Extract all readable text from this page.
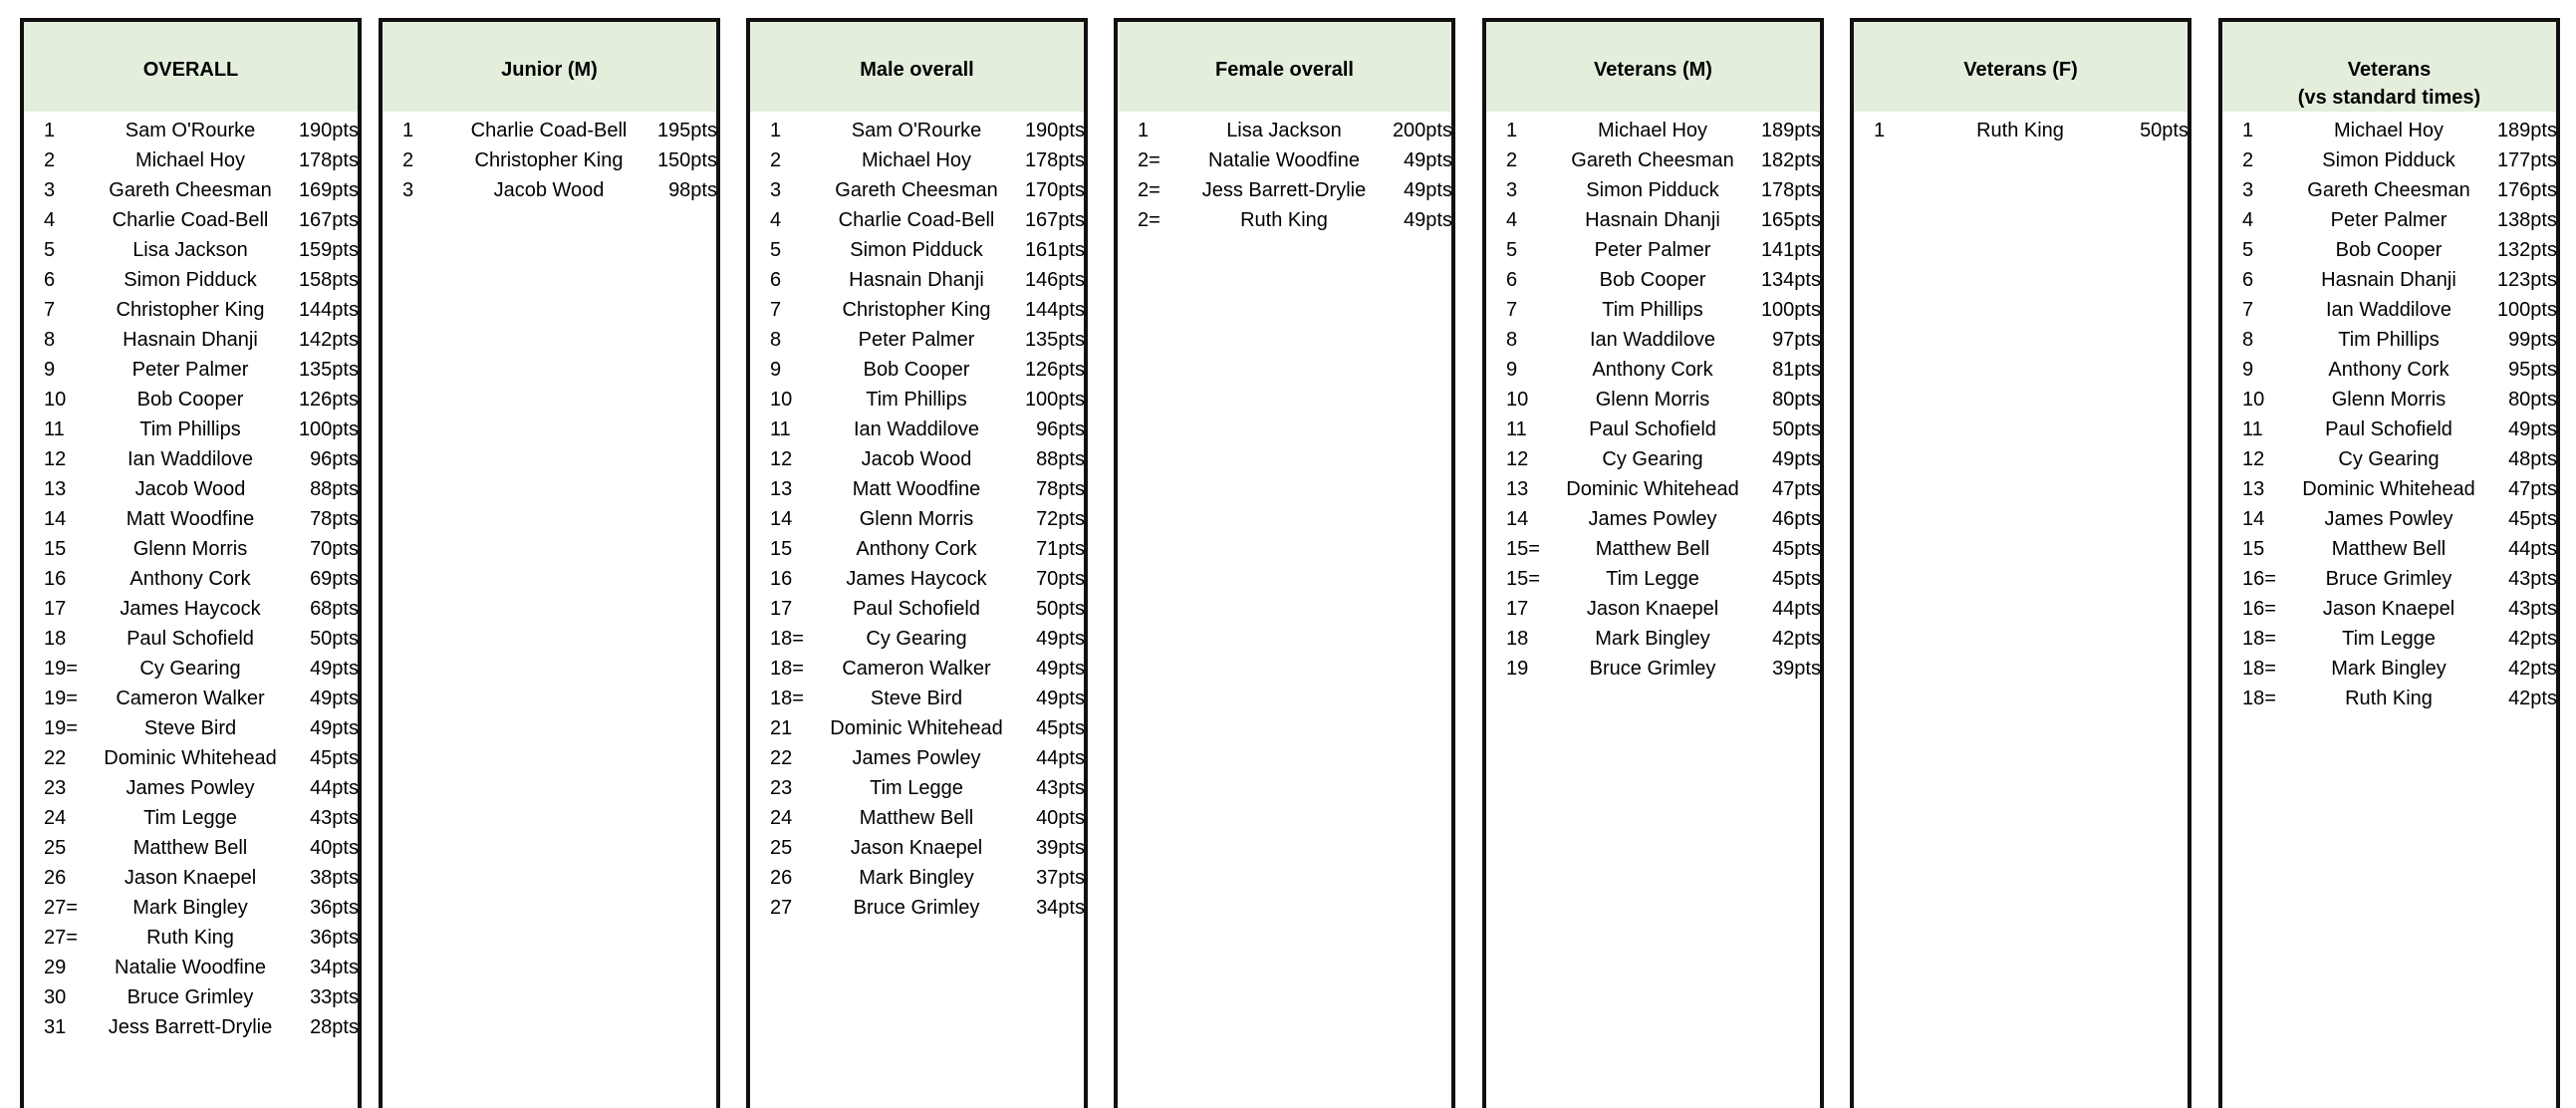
OVERALL
1	Sam O'Rourke	190pts
2	Michael Hoy	178pts
3	Gareth Cheesman	169pts
4	Charlie Coad-Bell	167pts
5	Lisa Jackson	159pts
6	Simon Pidduck	158pts
7	Christopher King	144pts
8	Hasnain Dhanji	142pts
9	Peter Palmer	135pts
10	Bob Cooper	126pts
11	Tim Phillips	100pts
12	Ian Waddilove	96pts
13	Jacob Wood	88pts
14	Matt Woodfine	78pts
15	Glenn Morris	70pts
16	Anthony Cork	69pts
17	James Haycock	68pts
18	Paul Schofield	50pts
19=	Cy Gearing	49pts
19=	Cameron Walker	49pts
19=	Steve Bird	49pts
22	Dominic Whitehead	45pts
23	James Powley	44pts
24	Tim Legge	43pts
25	Matthew Bell	40pts
26	Jason Knaepel	38pts
27=	Mark Bingley	36pts
27=	Ruth King	36pts
29	Natalie Woodfine	34pts
30	Bruce Grimley	33pts
31	Jess Barrett-Drylie	28pts
Junior (M)
1	Charlie Coad-Bell	195pts
2	Christopher King	150pts
3	Jacob Wood	98pts
Male overall
1	Sam O'Rourke	190pts
2	Michael Hoy	178pts
3	Gareth Cheesman	170pts
4	Charlie Coad-Bell	167pts
5	Simon Pidduck	161pts
6	Hasnain Dhanji	146pts
7	Christopher King	144pts
8	Peter Palmer	135pts
9	Bob Cooper	126pts
10	Tim Phillips	100pts
11	Ian Waddilove	96pts
12	Jacob Wood	88pts
13	Matt Woodfine	78pts
14	Glenn Morris	72pts
15	Anthony Cork	71pts
16	James Haycock	70pts
17	Paul Schofield	50pts
18=	Cy Gearing	49pts
18=	Cameron Walker	49pts
18=	Steve Bird	49pts
21	Dominic Whitehead	45pts
22	James Powley	44pts
23	Tim Legge	43pts
24	Matthew Bell	40pts
25	Jason Knaepel	39pts
26	Mark Bingley	37pts
27	Bruce Grimley	34pts
Female overall
1	Lisa Jackson	200pts
2=	Natalie Woodfine	49pts
2=	Jess Barrett-Drylie	49pts
2=	Ruth King	49pts
Veterans (M)
1	Michael Hoy	189pts
2	Gareth Cheesman	182pts
3	Simon Pidduck	178pts
4	Hasnain Dhanji	165pts
5	Peter Palmer	141pts
6	Bob Cooper	134pts
7	Tim Phillips	100pts
8	Ian Waddilove	97pts
9	Anthony Cork	81pts
10	Glenn Morris	80pts
11	Paul Schofield	50pts
12	Cy Gearing	49pts
13	Dominic Whitehead	47pts
14	James Powley	46pts
15=	Matthew Bell	45pts
15=	Tim Legge	45pts
17	Jason Knaepel	44pts
18	Mark Bingley	42pts
19	Bruce Grimley	39pts
Veterans (F)
1	Ruth King	50pts
Veterans
(vs standard times)
1	Michael Hoy	189pts
2	Simon Pidduck	177pts
3	Gareth Cheesman	176pts
4	Peter Palmer	138pts
5	Bob Cooper	132pts
6	Hasnain Dhanji	123pts
7	Ian Waddilove	100pts
8	Tim Phillips	99pts
9	Anthony Cork	95pts
10	Glenn Morris	80pts
11	Paul Schofield	49pts
12	Cy Gearing	48pts
13	Dominic Whitehead	47pts
14	James Powley	45pts
15	Matthew Bell	44pts
16=	Bruce Grimley	43pts
16=	Jason Knaepel	43pts
18=	Tim Legge	42pts
18=	Mark Bingley	42pts
18=	Ruth King	42pts
